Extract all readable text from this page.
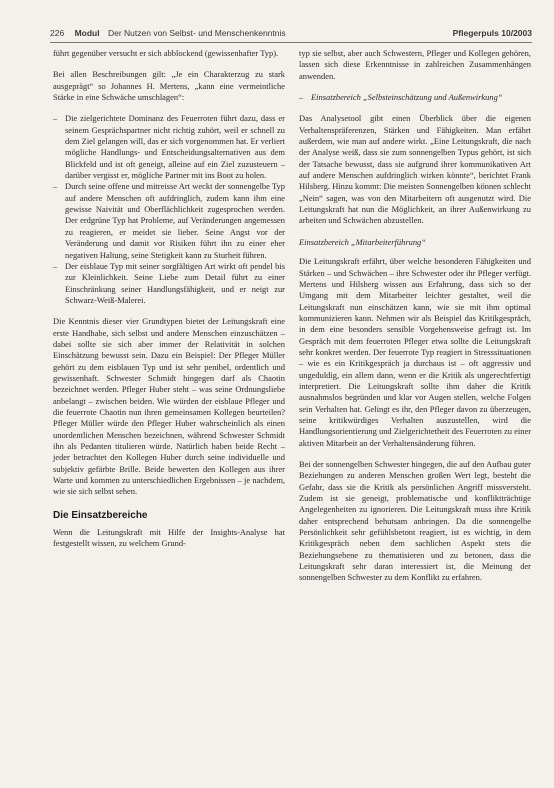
226 Modul Der Nutzen von Selbst- und Menschenkenntnis	Pflegerpuls 10/2003

führt gegenüber versucht er sich abblockend (gewissenhafter Typ).

Bei allen Beschreibungen gilt: „Je ein Charakterzug zu stark ausgeprägt“ so Johannes H. Mertens, „kann eine vermeintliche Stärke in eine Schwäche umschlagen“:

– Die zielgerichtete Dominanz des Feuerroten führt dazu, dass er seinem Gesprächspartner nicht richtig zuhört, weil er schnell zu dem Ziel gelangen will, das er sich vorgenommen hat. Er verliert mögliche Handlungs- und Entscheidungsalternativen aus dem Blickfeld und ist oft geneigt, alleine auf ein Ziel zuzusteuern – darüber vergisst er, mögliche Partner mit ins Boot zu holen.
– Durch seine offene und mitreisse Art weckt der sonnengelbe Typ auf andere Menschen oft aufdringlich, zudem kann ihm eine gewisse Naivität und Oberflächlichkeit zugesprochen werden. Der erdgrüne Typ hat Probleme, auf Veränderungen angemessen zu reagieren, er meidet sie lieber. Seine Angst vor der Veränderung und damit vor Risiken führt ihn zu einer eher negativen Haltung, seine Stetigkeit kann zu Sturheit führen.
– Der eisblaue Typ mit seiner sorgfältigen Art wirkt oft pendel bis zur Kleinlichkeit. Seine Liebe zum Detail führt zu einer Einschränkung seiner Handlungsfähigkeit, und er neigt zur Schwarz-Weiß-Malerei.

Die Kenntnis dieser vier Grundtypen bietet der Leitungskraft eine erste Handhabe, sich selbst und andere Menschen einzuschätzen – dabei sollte sie sich aber immer der Relativität in solchen Einschätzung bewusst sein. Dazu ein Beispiel: Der Pfleger Müller gehört zu dem eisblauen Typ und ist sehr penibel, ordentlich und gewissenhaft. Schwester Schmidt hingegen darf als Chaotin bezeichnet werden. Pfleger Huber steht – was seine Ordnungsliebe anbelangt – zwischen beiden. Wie würden der eisblaue Pfleger und die feuerrote Chaotin nun ihren gemeinsamen Kollegen beurteilen? Pfleger Müller würde den Pfleger Huber wahrscheinlich als einen unordentlichen Menschen bezeichnen, während Schwester Schmidt ihn als Pedanten titulieren würde. Natürlich haben beide Recht – jeder betrachtet den Kollegen Huber durch seine individuelle und subjektiv gefärbte Brille. Beide bewerten den Kollegen aus ihrer Warte und kommen zu unterschiedlichen Ergebnissen – je nachdem, wie sie sich selbst sehen.

Die Einsatzbereiche

Wenn die Leitungskraft mit Hilfe der Insights-Analyse hat festgestellt wissen, zu welchem Grund-

typ sie selbst, aber auch Schwestern, Pfleger und Kollegen gehören, lassen sich diese Erkenntnisse in zahlreichen Zusammenhängen anwenden.

– Einsatzbereich „Selbsteinschätzung und Außenwirkung“

Das Analysetool gibt einen Überblick über die eigenen Verhaltenspräferenzen, Stärken und Fähigkeiten. Man erfährt außerdem, wie man auf andere wirkt. „Eine Leitungskraft, die nach der Analyse weiß, dass sie zum sonnengelben Typus gehört, ist sich der Tatsache bewusst, dass sie aufgrund ihrer kommunikativen Art auf andere Menschen aufdringlich wirken könnte“, berichtet Frank Hilsberg. Hinzu kommt: Die meisten Sonnengelben können schlecht „Nein“ sagen, was von den Mitarbeitern oft ausgenutzt wird. Die Leitungskraft hat nun die Möglichkeit, an ihrer Außenwirkung zu arbeiten und Schwächen abzustellen.

Einsatzbereich „Mitarbeiterführung“

Die Leitungskraft erfährt, über welche besonderen Fähigkeiten und Stärken – und Schwächen – ihre Schwester oder ihr Pfleger verfügt. Mertens und Hilsberg wissen aus Erfahrung, dass sich so der Umgang mit dem Mitarbeiter leichter gestaltet, weil die Leitungskraft nun einschätzen kann, wie sie mit ihm optimal kommunizieren kann. Nehmen wir als Beispiel das Kritikgespräch, in dem eine besonders sensible Vorgehensweise gefragt ist. Im Gespräch mit dem feuerroten Pfleger etwa sollte die Leitungskraft sehr konkret werden. Der feuerrote Typ reagiert in Stresssituationen – wie es ein Kritikgespräch ja durchaus ist – oft aggressiv und ungeduldig, ein allem dann, wenn er die Kritik als ungerechtfertigt interpretiert. Die Leitungskraft sollte ihm daher die Kritik ausnahmslos begründen und klar vor Augen stellen, welche Folgen sein Verhalten hat. Gelingt es ihr, den Pfleger davon zu überzeugen, seine kritikwürdiges Verhalten auszustellen, wird die Handlungsorientierung und Zielgerichtetheit des Feuerroten zu einer aktiven Mitarbeit an der Verhaltensänderung führen.

Bei der sonnengelben Schwester hingegen, die auf den Aufbau guter Beziehungen zu anderen Menschen großen Wert legt, besteht die Gefahr, dass sie die Kritik als persönlichen Angriff missversteht. Zudem ist sie geneigt, problematische und konfliktträchtige Angelegenheiten zu ignorieren. Die Leitungskraft muss ihre Kritik daher entsprechend behutsam anbringen. Da die sonnengelbe Persönlichkeit sehr gefühlsbetont reagiert, ist es wichtig, in dem Kritikgespräch neben dem sachlichen Aspekt stets die Beziehungsebene zu thematisieren und zu betonen, dass die Leitungskraft sehr daran interessiert ist, die Meinung der sonnengelben Schwester zu dem Konflikt zu erfahren.
